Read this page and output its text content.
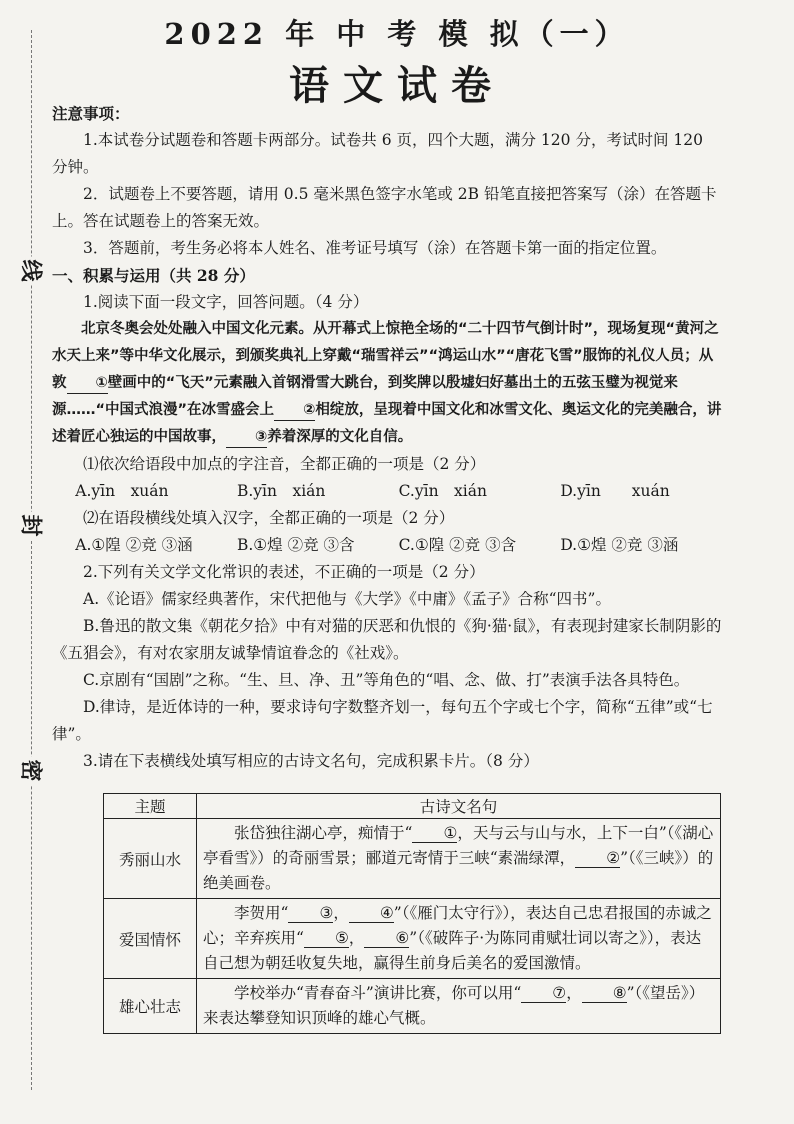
线
封
密
2022 年 中 考 模 拟（一）
语文试卷

注意事项：

1.本试卷分试题卷和答题卡两部分。试卷共 6 页，四个大题，满分 120 分，考试时间 120 分钟。

2．试题卷上不要答题，请用 0.5 毫米黑色签字水笔或 2B 铅笔直接把答案写（涂）在答题卡上。答在试题卷上的答案无效。

3．答题前，考生务必将本人姓名、准考证号填写（涂）在答题卡第一面的指定位置。

一、积累与运用（共 28 分）

1.阅读下面一段文字，回答问题。（4 分）

北京冬奥会处处融入中国文化元素。从开幕式上惊艳全场的“二十四节气倒计时”，现场复现“黄河之水天上来”等中华文化展示，到颁奖典礼上穿戴“瑞雪祥云”“鸿运山水”“唐花飞雪”服饰的礼仪人员；从敦 ①壁画中的“飞天”元素融入首钢滑雪大跳台，到奖牌以殷墟妇好墓出土的五弦玉璧为视觉来源……“中国式浪漫”在冰雪盛会上 ②相绽放，呈现着中国文化和冰雪文化、奥运文化的完美融合，讲述着匠心独运的中国故事， ③养着深厚的文化自信。

⑴依次给语段中加点的字注音，全都正确的一项是（2 分）

A.yīn　xuán	B.yīn　xián	C.yīn　xián	D.yīn　　xuán

⑵在语段横线处填入汉字，全都正确的一项是（2 分）

A.①隍 ②竞 ③涵	B.①煌 ②竞 ③含	C.①隍 ②竞 ③含	D.①煌 ②竞 ③涵

2.下列有关文学文化常识的表述，不正确的一项是（2 分）

A.《论语》儒家经典著作，宋代把他与《大学》《中庸》《孟子》合称“四书”。

B.鲁迅的散文集《朝花夕拾》中有对猫的厌恶和仇恨的《狗·猫·鼠》，有表现封建家长制阴影的《五猖会》，有对农家朋友诚挚情谊眷念的《社戏》。

C.京剧有“国剧”之称。“生、旦、净、丑”等角色的“唱、念、做、打”表演手法各具特色。

D.律诗，是近体诗的一种，要求诗句字数整齐划一，每句五个字或七个字，简称“五律”或“七律”。

3.请在下表横线处填写相应的古诗文名句，完成积累卡片。（8 分）

主题	古诗文名句
秀丽山水	张岱独往湖心亭，痴情于“ ①，天与云与山与水，上下一白”（《湖心亭看雪》）的奇丽雪景；郦道元寄情于三峡“素湍绿潭， ②”（《三峡》）的绝美画卷。
爱国情怀	李贺用“ ③， ④”（《雁门太守行》），表达自己忠君报国的赤诚之心；辛弃疾用“ ⑤， ⑥”（《破阵子·为陈同甫赋壮词以寄之》），表达自己想为朝廷收复失地，赢得生前身后美名的爱国激情。
雄心壮志	学校举办“青春奋斗”演讲比赛，你可以用“ ⑦， ⑧”（《望岳》）来表达攀登知识顶峰的雄心气概。
